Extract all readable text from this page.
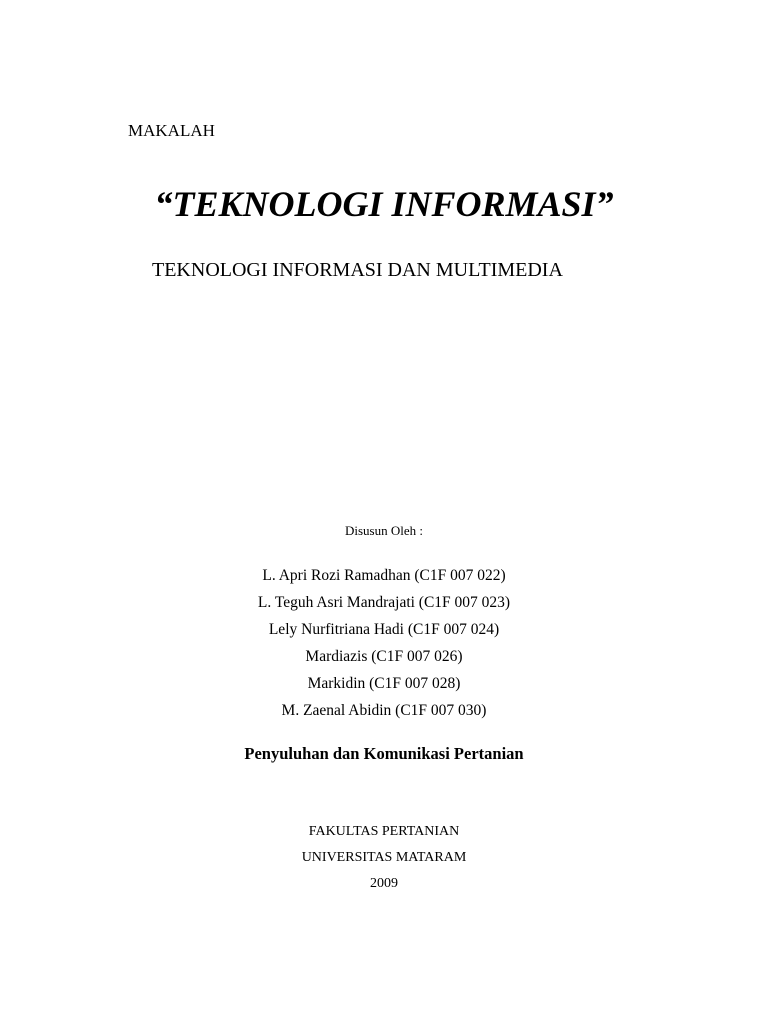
MAKALAH
“TEKNOLOGI INFORMASI”
TEKNOLOGI INFORMASI DAN MULTIMEDIA
Disusun Oleh :
L. Apri Rozi Ramadhan (C1F 007 022)
L. Teguh Asri Mandrajati (C1F 007 023)
Lely Nurfitriana Hadi (C1F 007 024)
Mardiazis (C1F 007 026)
Markidin (C1F 007 028)
M. Zaenal Abidin (C1F 007 030)
Penyuluhan dan Komunikasi Pertanian
FAKULTAS PERTANIAN
UNIVERSITAS MATARAM
2009
